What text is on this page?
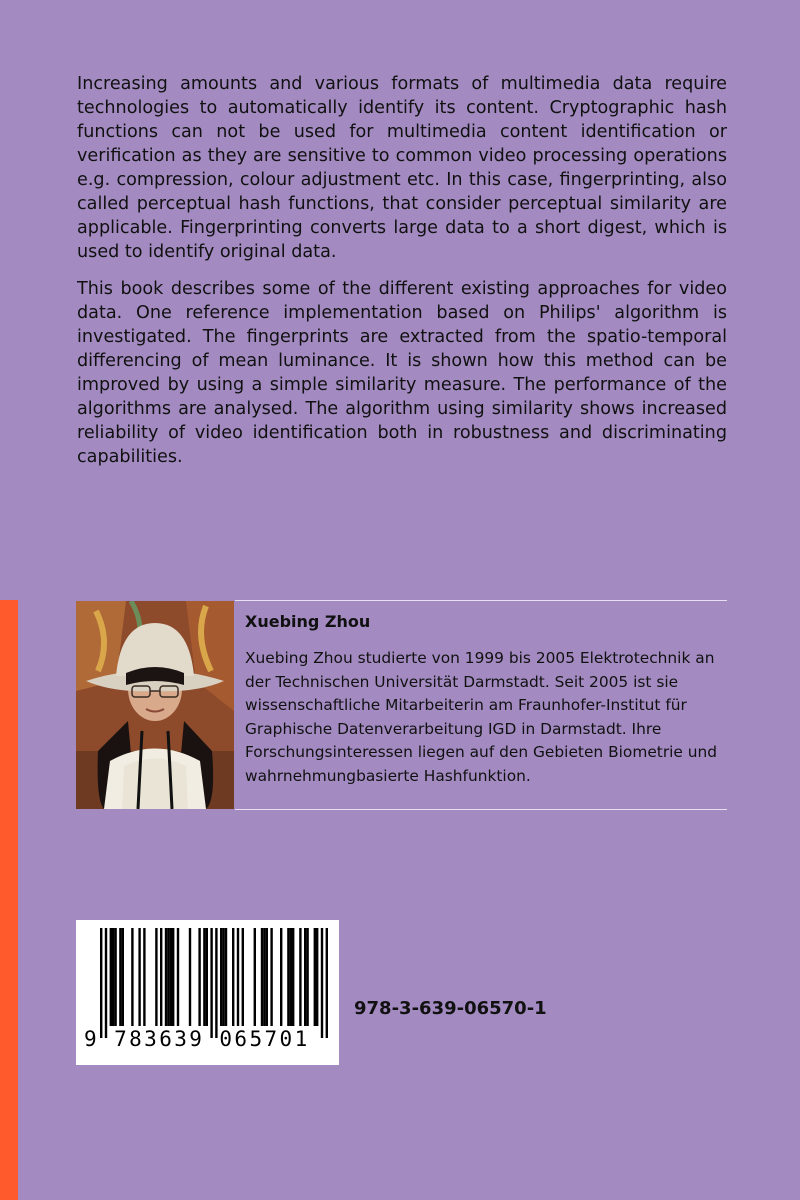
Increasing amounts and various formats of multimedia data require technologies to automatically identify its content. Cryptographic hash functions can not be used for multimedia content identification or verification as they are sensitive to common video processing operations e.g. compression, colour adjustment etc. In this case, fingerprinting, also called perceptual hash functions, that consider perceptual similarity are applicable. Fingerprinting converts large data to a short digest, which is used to identify original data.

This book describes some of the different existing approaches for video data. One reference implementation based on Philips' algorithm is investigated. The fingerprints are extracted from the spatio-temporal differencing of mean luminance. It is shown how this method can be improved by using a simple similarity measure. The performance of the algorithms are analysed. The algorithm using similarity shows increased reliability of video identification both in robustness and discriminating capabilities.

Xuebing Zhou
Xuebing Zhou studierte von 1999 bis 2005 Elektrotechnik an der Technischen Universität Darmstadt. Seit 2005 ist sie wissenschaftliche Mitarbeiterin am Fraunhofer-Institut für Graphische Datenverarbeitung IGD in Darmstadt. Ihre Forschungsinteressen liegen auf den Gebieten Biometrie und wahrnehmungbasierte Hashfunktion.
9 783639 065701
978-3-639-06570-1
